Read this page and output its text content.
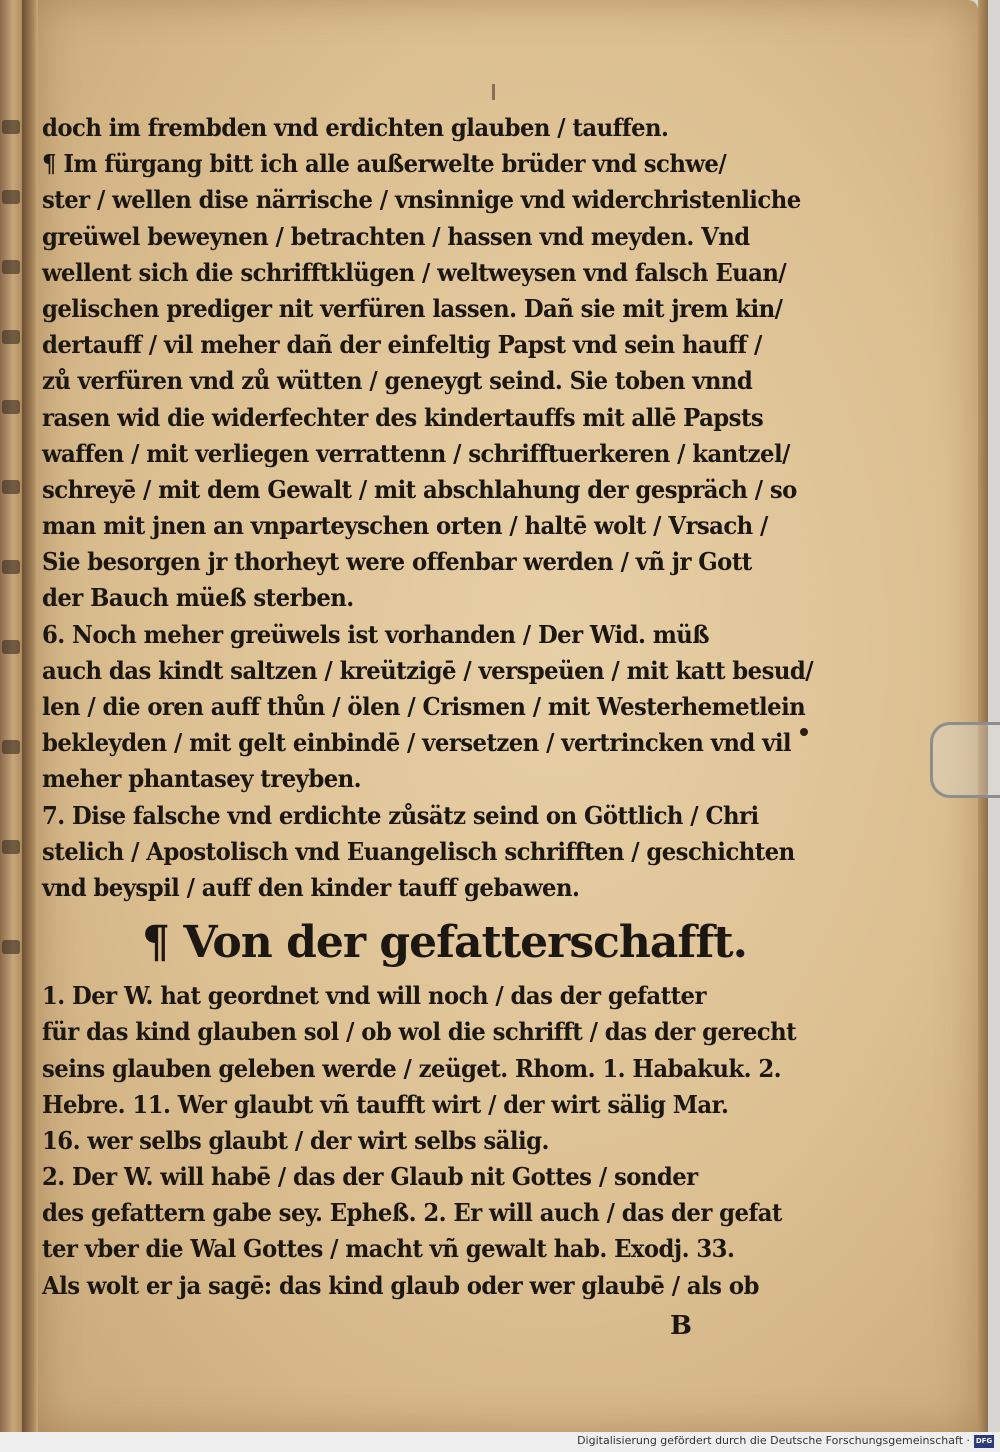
doch im frembden vnd erdichten glauben / tauffen.
¶ Im fürgang bitt ich alle außerwelte brüder vnd schwe/
ster / wellen dise närrische / vnsinnige vnd widerchristenliche
greüwel beweynen / betrachten / hassen vnd meyden. Vnd
wellent sich die schrifftklügen / weltweysen vnd falsch Euan/
gelischen prediger nit verfüren lassen. Dañ sie mit jrem kin/
dertauff / vil meher dañ der einfeltig Papst vnd sein hauff /
zů verfüren vnd zů wütten / geneygt seind. Sie toben vnnd
rasen wid die widerfechter des kindertauffs mit allē Papsts
waffen / mit verliegen verrattenn / schrifftuerkeren / kantzel/
schreyē / mit dem Gewalt / mit abschlahung der gespräch / so
man mit jnen an vnparteyschen orten / haltē wolt / Vrsach /
Sie besorgen jr thorheyt were offenbar werden / vñ jr Gott
der Bauch müeß sterben.
6. Noch meher greüwels ist vorhanden / Der Wid. müß
auch das kindt saltzen / kreützigē / verspeüen / mit katt besud/
len / die oren auff thůn / ölen / Crismen / mit Westerhemetlein
bekleyden / mit gelt einbindē / versetzen / vertrincken vnd vil
meher phantasey treyben.
7. Dise falsche vnd erdichte zůsätz seind on Göttlich / Chri
stelich / Apostolisch vnd Euangelisch schrifften / geschichten
vnd beyspil / auff den kinder tauff gebawen.
¶ Von der gefatterschafft.
1. Der W. hat geordnet vnd will noch / das der gefatter
für das kind glauben sol / ob wol die schrifft / das der gerecht
seins glauben geleben werde / zeüget. Rhom. 1. Habakuk. 2.
Hebre. 11. Wer glaubt vñ taufft wirt / der wirt sälig Mar.
16. wer selbs glaubt / der wirt selbs sälig.
2. Der W. will habē / das der Glaub nit Gottes / sonder
des gefattern gabe sey. Epheß. 2. Er will auch / das der gefat
ter vber die Wal Gottes / macht vñ gewalt hab. Exodj. 33.
Als wolt er ja sagē: das kind glaub oder wer glaubē / als ob
B
Digitalisierung gefördert durch die Deutsche Forschungsgemeinschaft · DFG
